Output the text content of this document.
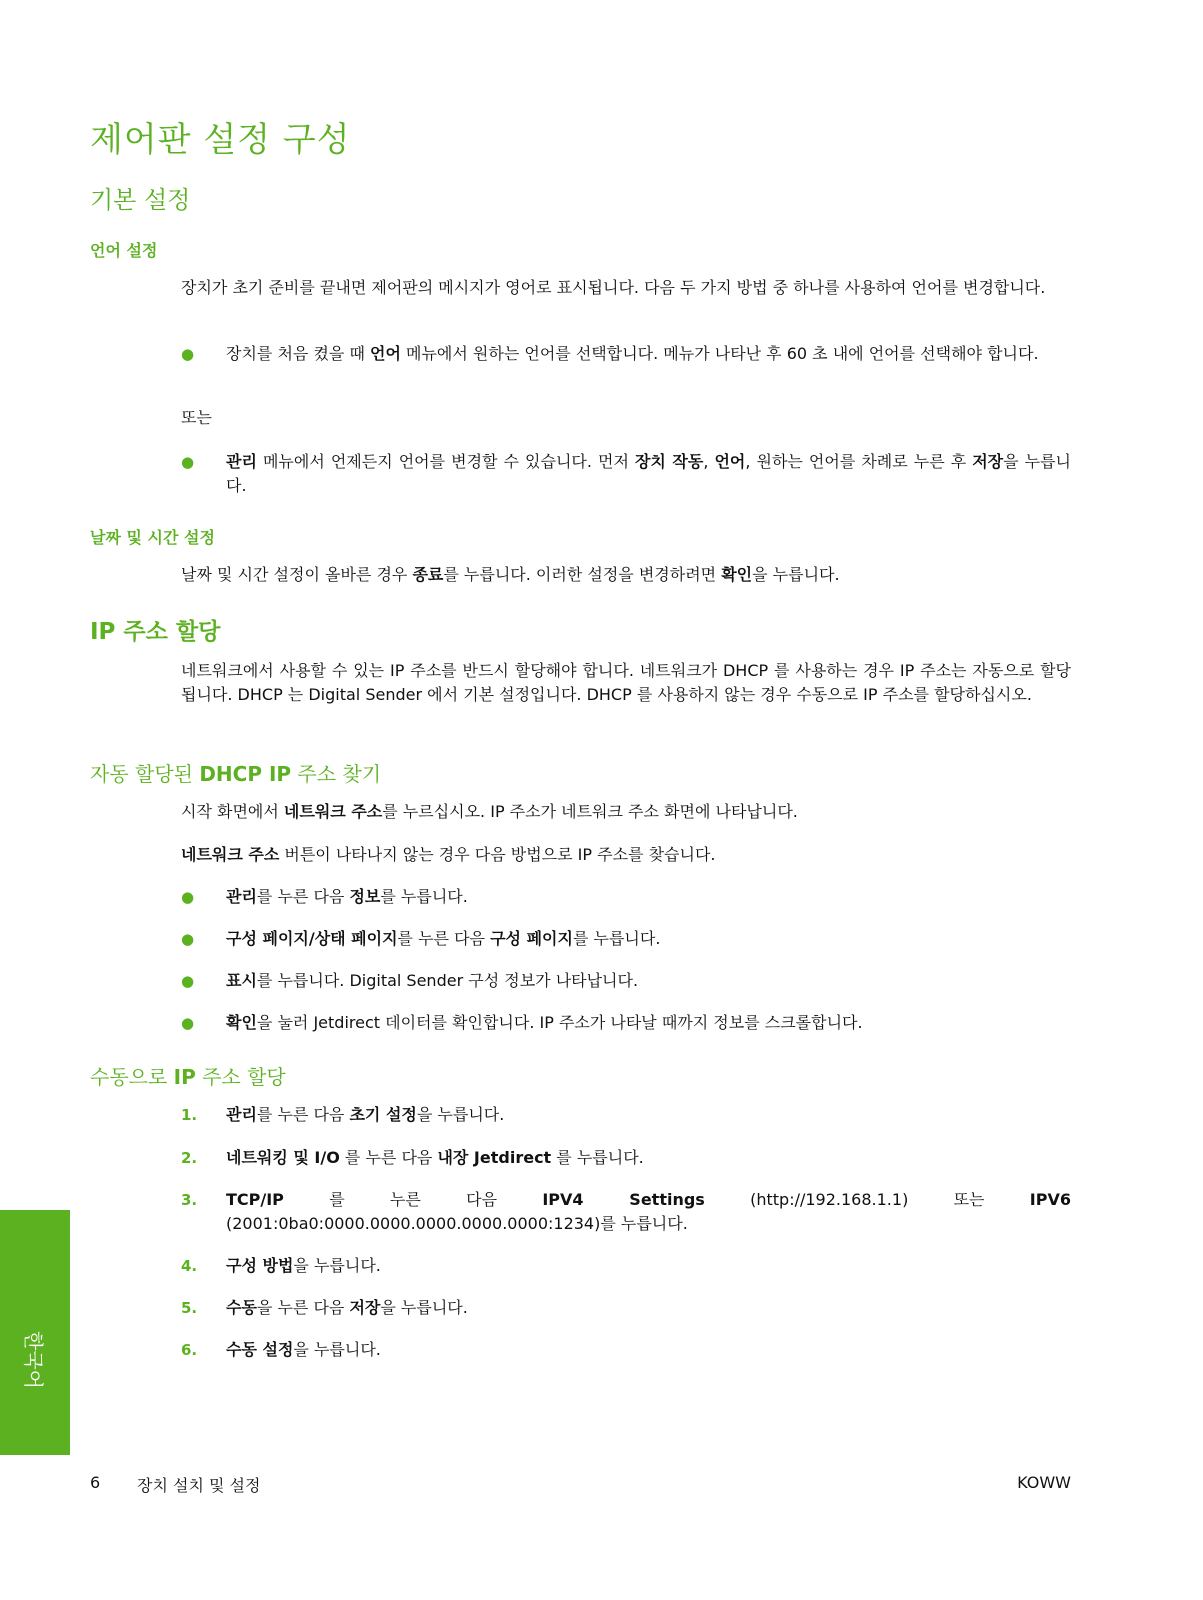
제어판 설정 구성
기본 설정
언어 설정

장치가 초기 준비를 끝내면 제어판의 메시지가 영어로 표시됩니다. 다음 두 가지 방법 중 하나를 사용하여 언어를 변경합니다.

● 장치를 처음 켰을 때 언어 메뉴에서 원하는 언어를 선택합니다. 메뉴가 나타난 후 60 초 내에 언어를 선택해야 합니다.

또는

● 관리 메뉴에서 언제든지 언어를 변경할 수 있습니다. 먼저 장치 작동, 언어, 원하는 언어를 차례로 누른 후 저장을 누릅니다.
날짜 및 시간 설정

날짜 및 시간 설정이 올바른 경우 종료를 누릅니다. 이러한 설정을 변경하려면 확인을 누릅니다.

IP 주소 할당

네트워크에서 사용할 수 있는 IP 주소를 반드시 할당해야 합니다. 네트워크가 DHCP 를 사용하는 경우 IP 주소는 자동으로 할당됩니다. DHCP 는 Digital Sender 에서 기본 설정입니다. DHCP 를 사용하지 않는 경우 수동으로 IP 주소를 할당하십시오.

자동 할당된 DHCP IP 주소 찾기

시작 화면에서 네트워크 주소를 누르십시오. IP 주소가 네트워크 주소 화면에 나타납니다.

네트워크 주소 버튼이 나타나지 않는 경우 다음 방법으로 IP 주소를 찾습니다.

● 관리를 누른 다음 정보를 누릅니다.
● 구성 페이지/상태 페이지를 누른 다음 구성 페이지를 누릅니다.
● 표시를 누릅니다. Digital Sender 구성 정보가 나타납니다.
● 확인을 눌러 Jetdirect 데이터를 확인합니다. IP 주소가 나타날 때까지 정보를 스크롤합니다.
수동으로 IP 주소 할당
1. 관리를 누른 다음 초기 설정을 누릅니다.
2. 네트워킹 및 I/O 를 누른 다음 내장 Jetdirect 를 누릅니다.
3. TCP/IP 를 누른 다음 IPV4 Settings (http://192.168.1.1) 또는 IPV6 (2001:0ba0:0000.0000.0000.0000.0000:1234)를 누릅니다.
4. 구성 방법을 누릅니다.
5. 수동을 누른 다음 저장을 누릅니다.
6. 수동 설정을 누릅니다.
한국어
6 장치 설치 및 설정	KOWW
